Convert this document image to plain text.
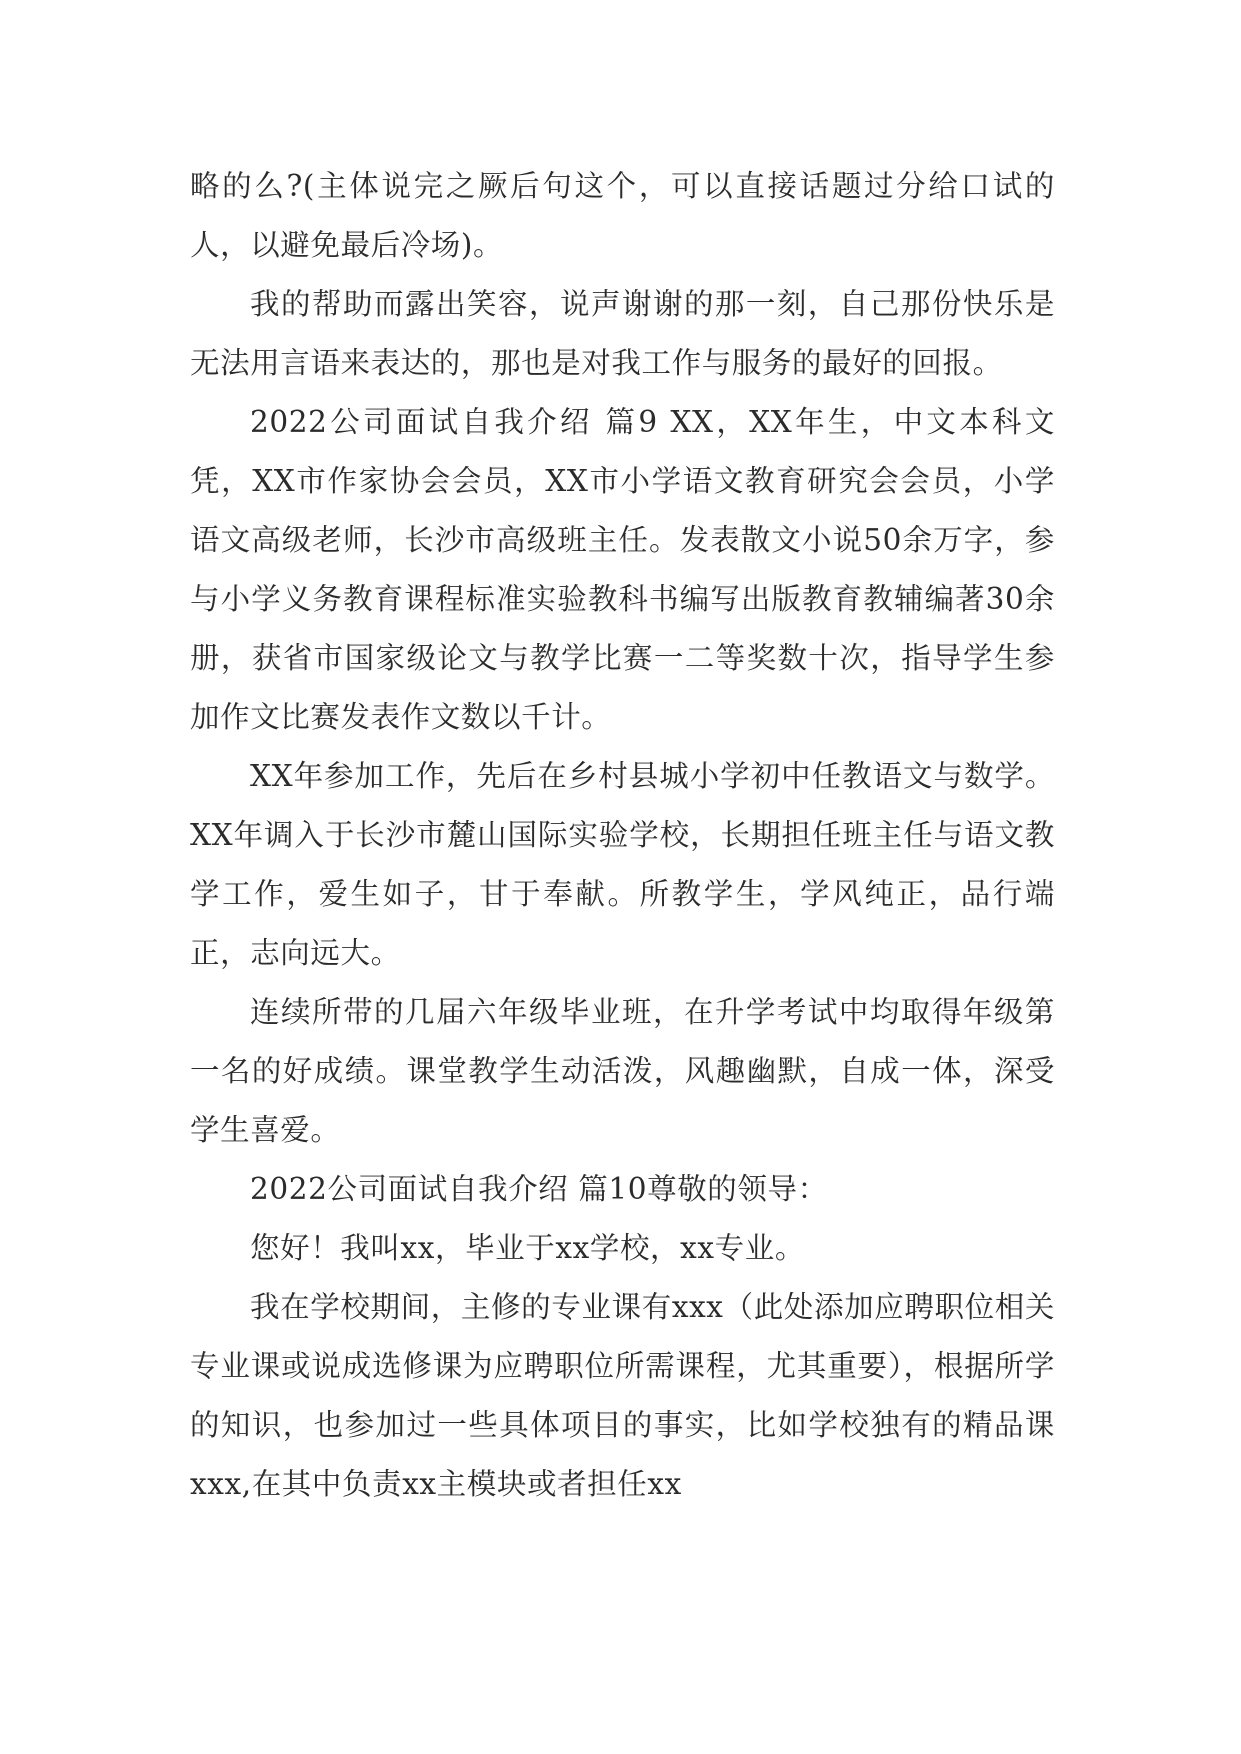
略的么?(主体说完之厥后句这个，可以直接话题过分给口试的人，以避免最后冷场)。

我的帮助而露出笑容，说声谢谢的那一刻，自己那份快乐是无法用言语来表达的，那也是对我工作与服务的最好的回报。

2022公司面试自我介绍 篇9 XX，XX年生，中文本科文凭，XX市作家协会会员，XX市小学语文教育研究会会员，小学语文高级老师，长沙市高级班主任。发表散文小说50余万字，参与小学义务教育课程标准实验教科书编写出版教育教辅编著30余册，获省市国家级论文与教学比赛一二等奖数十次，指导学生参加作文比赛发表作文数以千计。

XX年参加工作，先后在乡村县城小学初中任教语文与数学。XX年调入于长沙市麓山国际实验学校，长期担任班主任与语文教学工作，爱生如子，甘于奉献。所教学生，学风纯正，品行端正，志向远大。

连续所带的几届六年级毕业班，在升学考试中均取得年级第一名的好成绩。课堂教学生动活泼，风趣幽默，自成一体，深受学生喜爱。

2022公司面试自我介绍 篇10尊敬的领导：

您好！我叫xx，毕业于xx学校，xx专业。

我在学校期间，主修的专业课有xxx（此处添加应聘职位相关专业课或说成选修课为应聘职位所需课程，尤其重要），根据所学的知识，也参加过一些具体项目的事实，比如学校独有的精品课xxx,在其中负责xx主模块或者担任xx
